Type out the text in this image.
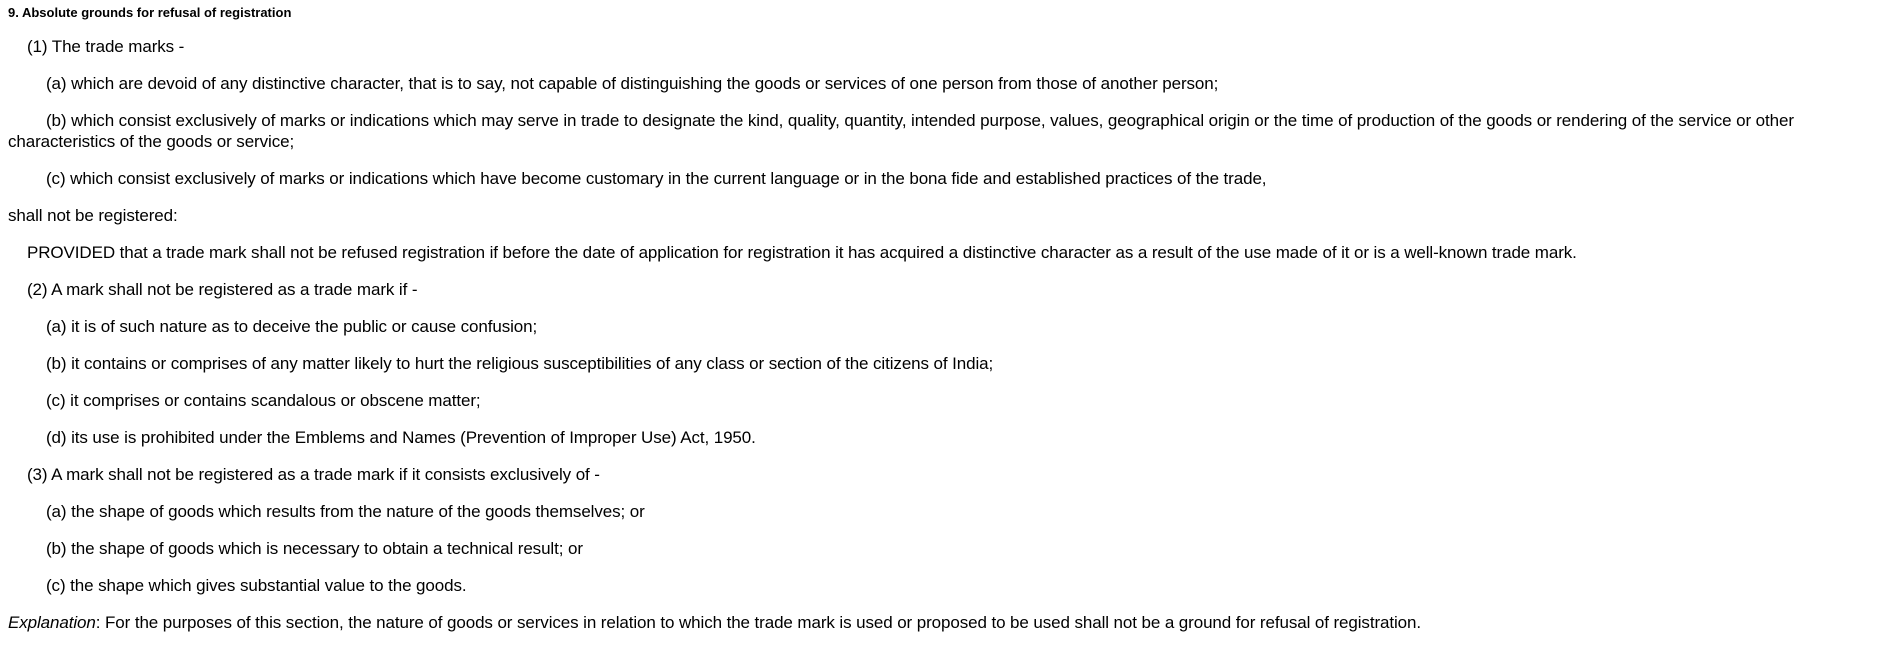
9. Absolute grounds for refusal of registration
(1) The trade marks -
(a) which are devoid of any distinctive character, that is to say, not capable of distinguishing the goods or services of one person from those of another person;
(b) which consist exclusively of marks or indications which may serve in trade to designate the kind, quality, quantity, intended purpose, values, geographical origin or the time of production of the goods or rendering of the service or other characteristics of the goods or service;
(c) which consist exclusively of marks or indications which have become customary in the current language or in the bona fide and established practices of the trade,
shall not be registered:
PROVIDED that a trade mark shall not be refused registration if before the date of application for registration it has acquired a distinctive character as a result of the use made of it or is a well-known trade mark.
(2) A mark shall not be registered as a trade mark if -
(a) it is of such nature as to deceive the public or cause confusion;
(b) it contains or comprises of any matter likely to hurt the religious susceptibilities of any class or section of the citizens of India;
(c) it comprises or contains scandalous or obscene matter;
(d) its use is prohibited under the Emblems and Names (Prevention of Improper Use) Act, 1950.
(3) A mark shall not be registered as a trade mark if it consists exclusively of -
(a) the shape of goods which results from the nature of the goods themselves; or
(b) the shape of goods which is necessary to obtain a technical result; or
(c) the shape which gives substantial value to the goods.
Explanation: For the purposes of this section, the nature of goods or services in relation to which the trade mark is used or proposed to be used shall not be a ground for refusal of registration.
